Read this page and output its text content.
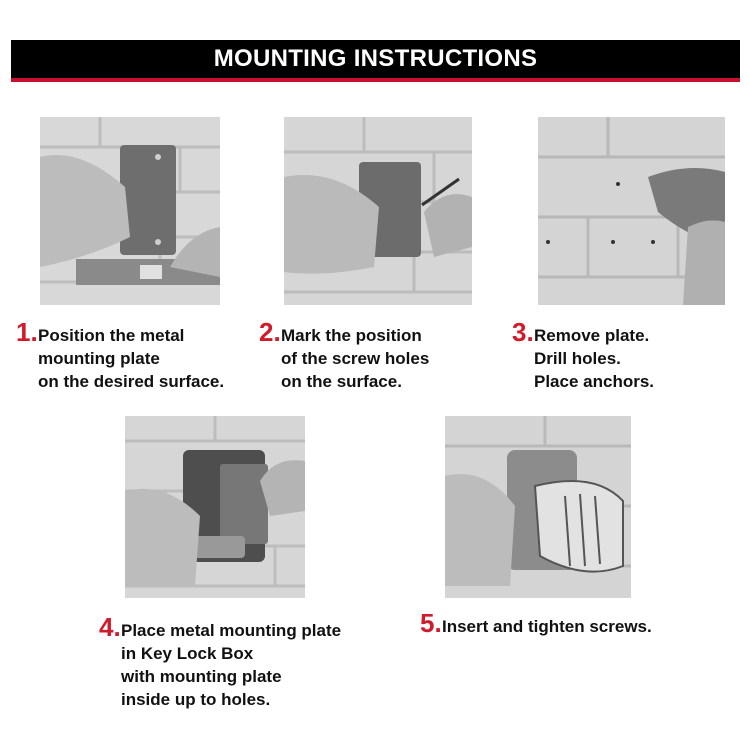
MOUNTING INSTRUCTIONS
1. Position the metal
mounting plate
on the desired surface.
2. Mark the position
of the screw holes
on the surface.
3. Remove plate.
Drill holes.
Place anchors.
4. Place metal mounting plate
in Key Lock Box
with mounting plate
inside up to holes.
5. Insert and tighten screws.
